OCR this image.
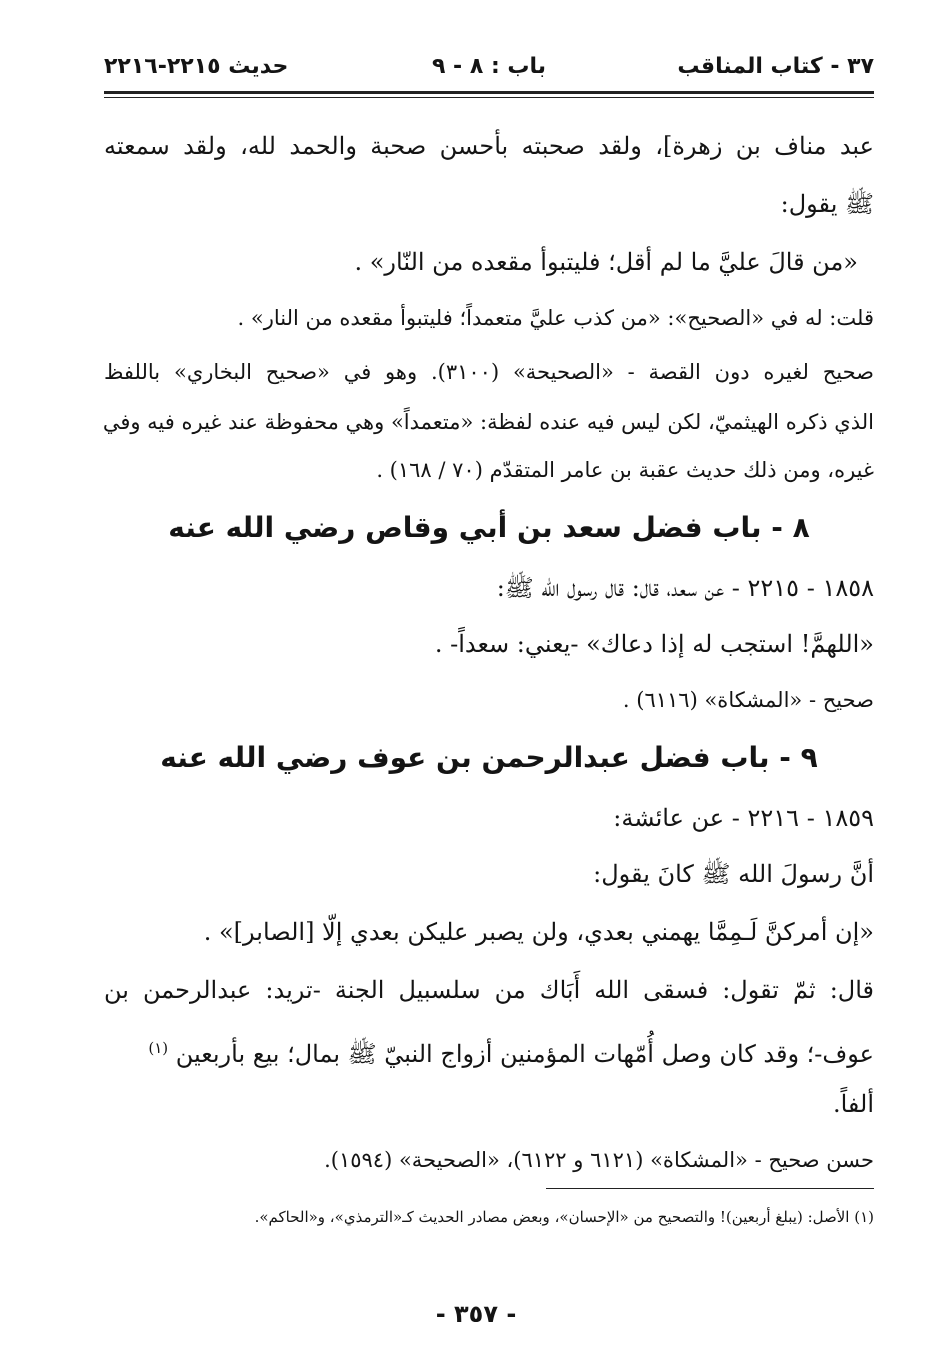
٣٧ - كتاب المناقب
باب : ٨ - ٩
حديث ٢٢١٥-٢٢١٦
عبد مناف بن زهرة]، ولقد صحبته بأحسن صحبة والحمد لله، ولقد سمعته
ﷺ يقول:
«من قالَ عليَّ ما لم أقل؛ فليتبوأ مقعده من النّار» .
قلت: له في «الصحيح»: «من كذب عليَّ متعمداً؛ فليتبوأ مقعده من النار» .
صحيح لغيره دون القصة - «الصحيحة» (٣١٠٠). وهو في «صحيح البخاري» باللفظ
الذي ذكره الهيثميّ، لكن ليس فيه عنده لفظة: «متعمداً» وهي محفوظة عند غيره فيه وفي
غيره، ومن ذلك حديث عقبة بن عامر المتقدّم (٧٠ / ١٦٨) .
٨ - باب فضل سعد بن أبي وقاص رضي الله عنه
١٨٥٨ - ٢٢١٥ - عن سعد، قال: قال رسول الله ﷺ:
«اللهمَّ! استجب له إذا دعاك» -يعني: سعداً- .
صحيح - «المشكاة» (٦١١٦) .
٩ - باب فضل عبدالرحمن بن عوف رضي الله عنه
١٨٥٩ - ٢٢١٦ - عن عائشة:
أنَّ رسولَ الله ﷺ كانَ يقول:
«إن أمركنَّ لَـمِمَّا يهمني بعدي، ولن يصبر عليكن بعدي إلّا [الصابر]» .
قال: ثمّ تقول: فسقى الله أَبَاك من سلسبيل الجنة -تريد: عبدالرحمن بن
عوف-؛ وقد كان وصل أُمّهات المؤمنين أزواج النبيّ ﷺ بمال؛ بيع بأربعين $^{(١)}$
ألفاً.
حسن صحيح - «المشكاة» (٦١٢١ و ٦١٢٢)، «الصحيحة» (١٥٩٤).
(١) الأصل: (يبلغ أربعين)! والتصحيح من «الإحسان»، وبعض مصادر الحديث كـ«الترمذي»، و«الحاكم».
- ٣٥٧ -
